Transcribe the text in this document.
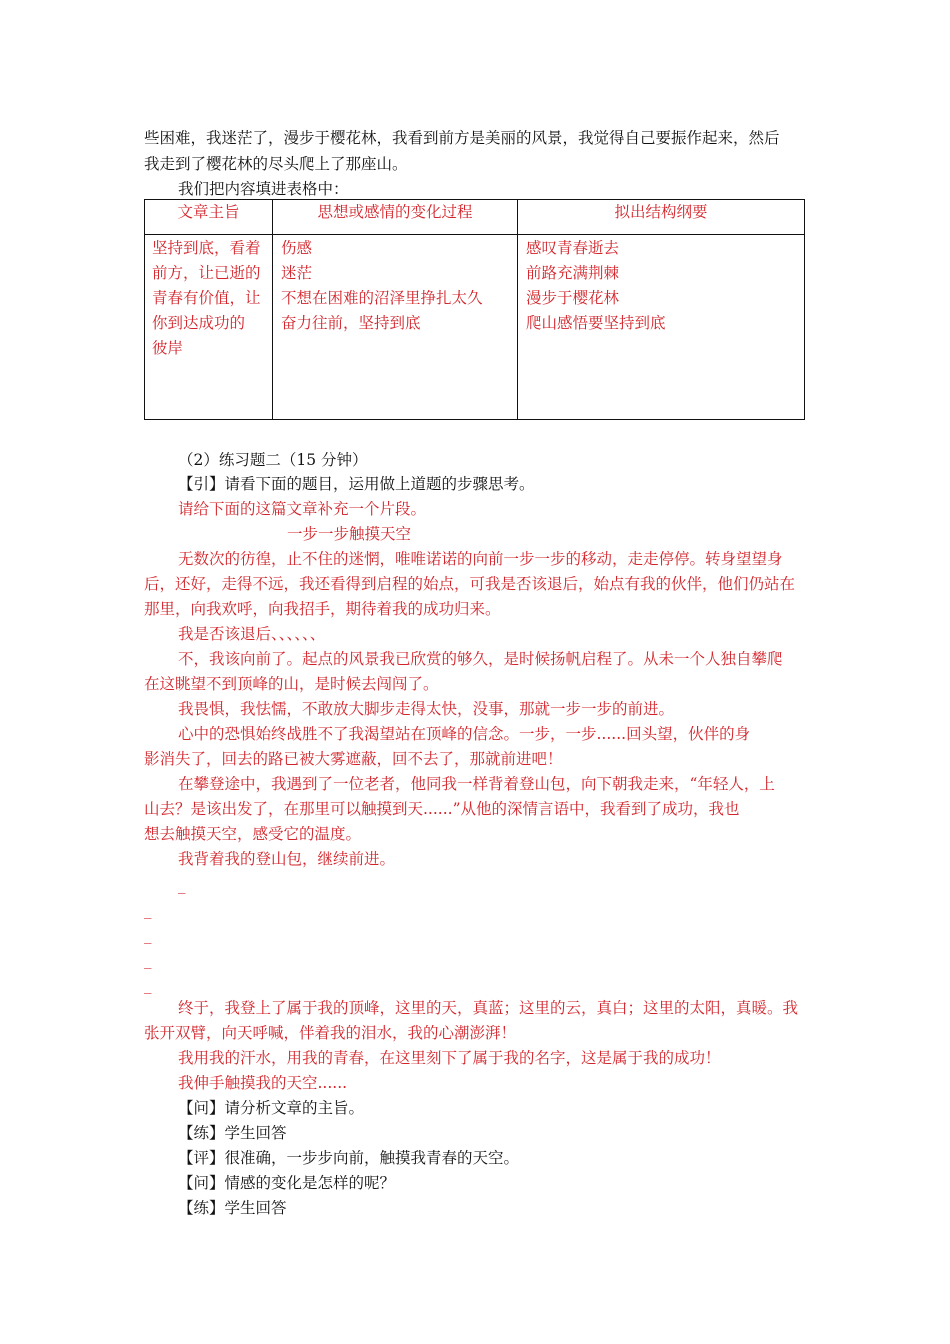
些困难，我迷茫了，漫步于樱花林，我看到前方是美丽的风景，我觉得自己要振作起来，然后
我走到了樱花林的尽头爬上了那座山。
我们把内容填进表格中：
文章主旨	思想或感情的变化过程	拟出结构纲要
坚持到底，看着
前方，让已逝的
青春有价值，让
你到达成功的
彼岸
伤感
迷茫
不想在困难的沼泽里挣扎太久
奋力往前，坚持到底
感叹青春逝去
前路充满荆棘
漫步于樱花林
爬山感悟要坚持到底
（2）练习题二（15 分钟）
【引】请看下面的题目，运用做上道题的步骤思考。
请给下面的这篇文章补充一个片段。
一步一步触摸天空
无数次的彷徨，止不住的迷惘，唯唯诺诺的向前一步一步的移动，走走停停。转身望望身
后，还好，走得不远，我还看得到启程的始点，可我是否该退后，始点有我的伙伴，他们仍站在
那里，向我欢呼，向我招手，期待着我的成功归来。
我是否该退后、、、、、、
不，我该向前了。起点的风景我已欣赏的够久，是时候扬帆启程了。从未一个人独自攀爬
在这眺望不到顶峰的山，是时候去闯闯了。
我畏惧，我怯懦，不敢放大脚步走得太快，没事，那就一步一步的前进。
心中的恐惧始终战胜不了我渴望站在顶峰的信念。一步，一步......回头望，伙伴的身
影消失了，回去的路已被大雾遮蔽，回不去了，那就前进吧！
在攀登途中，我遇到了一位老者，他同我一样背着登山包，向下朝我走来，“年轻人，上
山去？是该出发了，在那里可以触摸到天......”从他的深情言语中，我看到了成功，我也
想去触摸天空，感受它的温度。
我背着我的登山包，继续前进。
_
_
_
_
_
终于，我登上了属于我的顶峰，这里的天，真蓝；这里的云，真白；这里的太阳，真暖。我
张开双臂，向天呼喊，伴着我的泪水，我的心潮澎湃！
我用我的汗水，用我的青春，在这里刻下了属于我的名字，这是属于我的成功！
我伸手触摸我的天空......
【问】请分析文章的主旨。
【练】学生回答
【评】很准确，一步步向前，触摸我青春的天空。
【问】情感的变化是怎样的呢？
【练】学生回答
